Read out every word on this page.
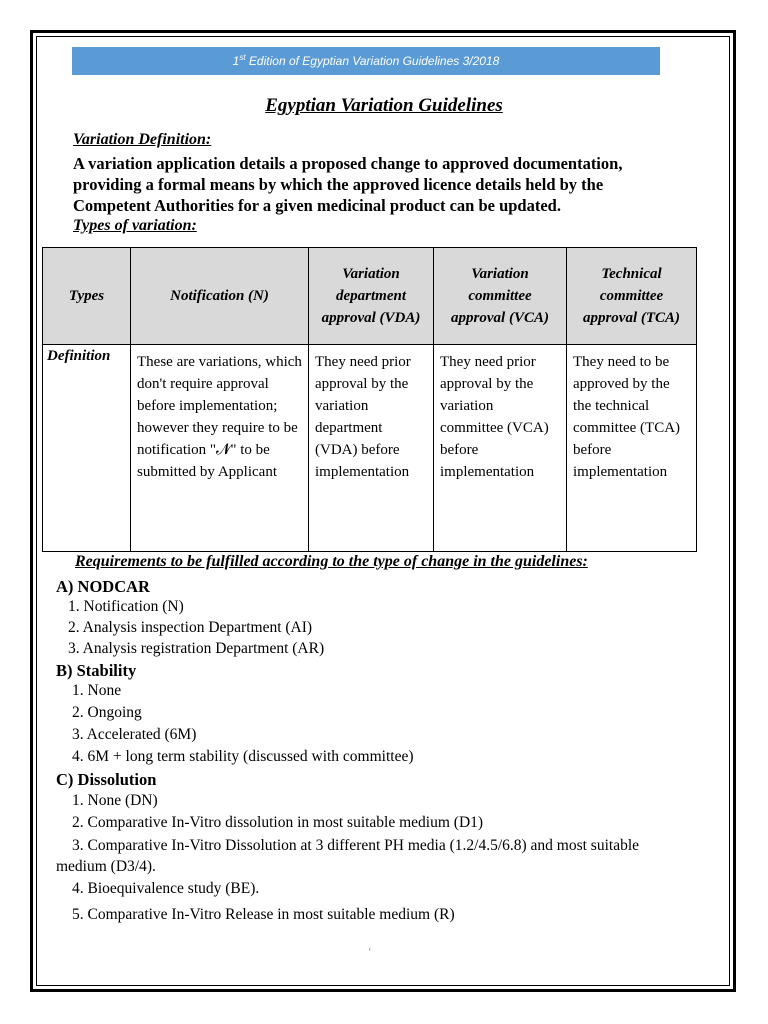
1st Edition of Egyptian Variation Guidelines 3/2018
Egyptian Variation Guidelines
Variation Definition:
A variation application details a proposed change to approved documentation, providing a formal means by which the approved licence details held by the Competent Authorities for a given medicinal product can be updated.
Types of variation:
Types	Notification (N)	Variation department approval (VDA)	Variation committee approval (VCA)	Technical committee approval (TCA)
Definition	These are variations, which don't require approval before implementation; however they require to be notification "𝓝" to be submitted by Applicant	They need prior approval by the variation department (VDA) before implementation	They need prior approval by the variation committee (VCA) before implementation	They need to be approved by the the technical committee (TCA) before implementation
Requirements to be fulfilled according to the type of change in the guidelines:
A) NODCAR
1. Notification (N)
2. Analysis inspection Department (AI)
3. Analysis registration Department (AR)
B) Stability
1. None
2. Ongoing
3. Accelerated (6M)
4. 6M + long term stability (discussed with committee)
C) Dissolution
1. None (DN)
2. Comparative In-Vitro dissolution in most suitable medium (D1)
3. Comparative In-Vitro Dissolution at 3 different PH media (1.2/4.5/6.8) and most suitable medium (D3/4).
4. Bioequivalence study (BE).
5. Comparative In-Vitro Release in most suitable medium (R)
‘
